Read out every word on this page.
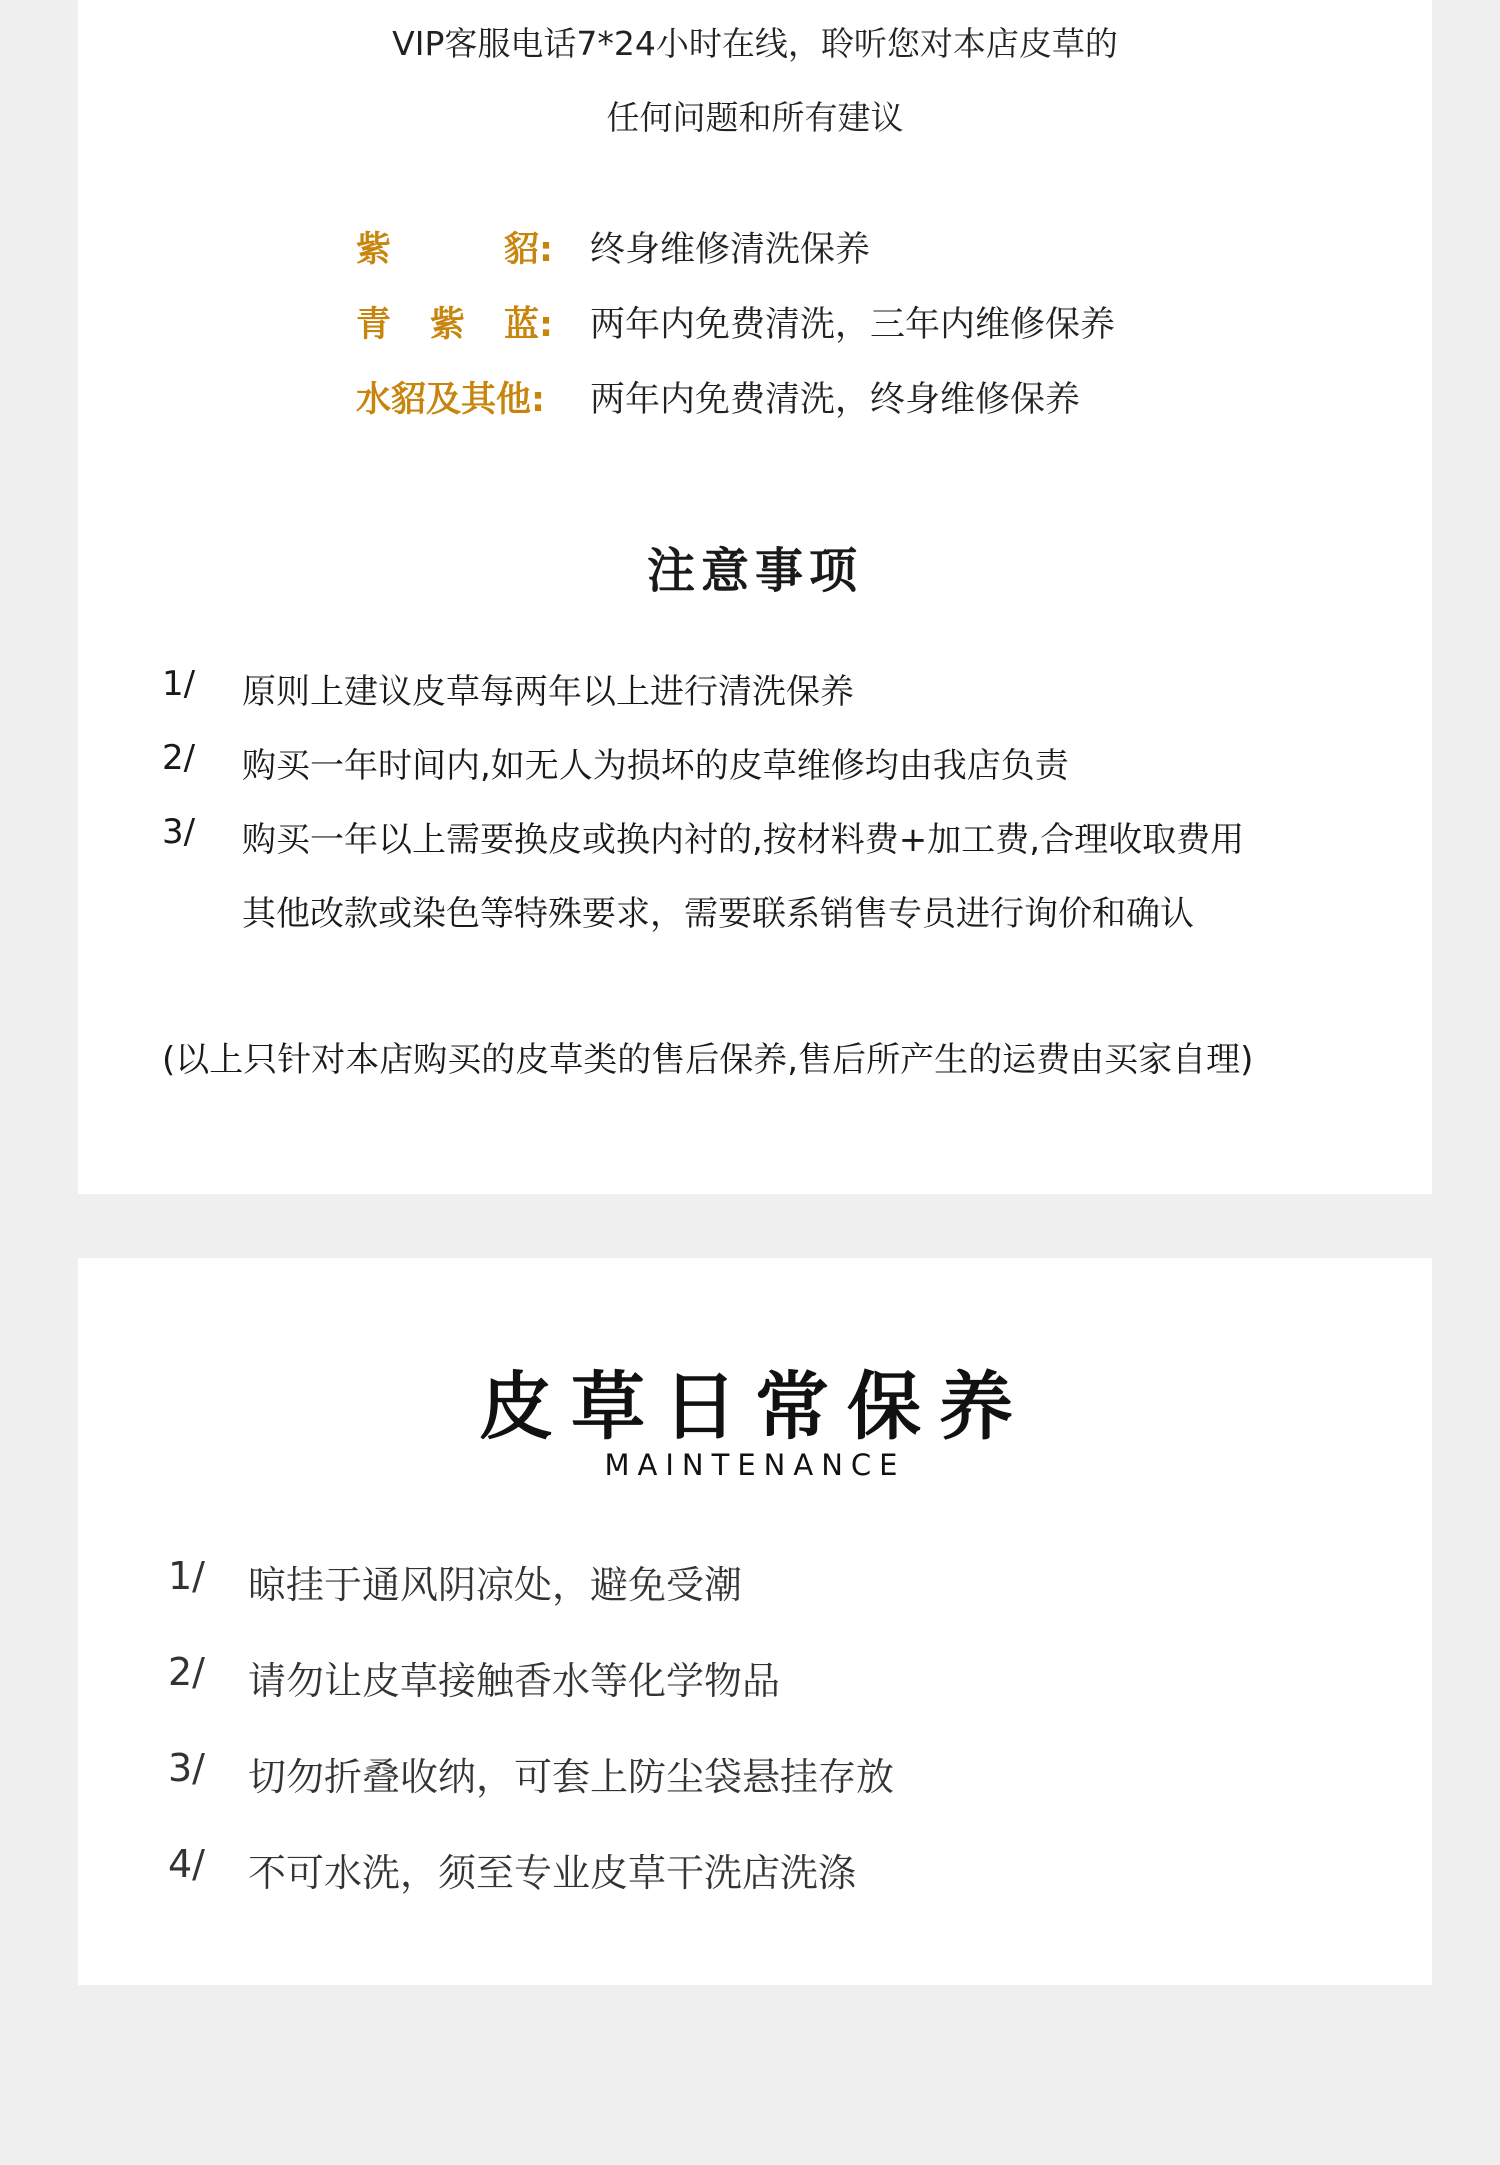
VIP客服电话7*24小时在线，聆听您对本店皮草的
任何问题和所有建议
紫	貂: 终身维修清洗保养
青 紫 蓝: 两年内免费清洗，三年内维修保养
水貂及其他: 两年内免费清洗，终身维修保养
注意事项
1/ 原则上建议皮草每两年以上进行清洗保养
2/ 购买一年时间内,如无人为损坏的皮草维修均由我店负责
3/ 购买一年以上需要换皮或换内衬的,按材料费+加工费,合理收取费用
其他改款或染色等特殊要求，需要联系销售专员进行询价和确认
(以上只针对本店购买的皮草类的售后保养,售后所产生的运费由买家自理)
皮草日常保养
MAINTENANCE
1/ 晾挂于通风阴凉处，避免受潮
2/ 请勿让皮草接触香水等化学物品
3/ 切勿折叠收纳，可套上防尘袋悬挂存放
4/ 不可水洗，须至专业皮草干洗店洗涤
